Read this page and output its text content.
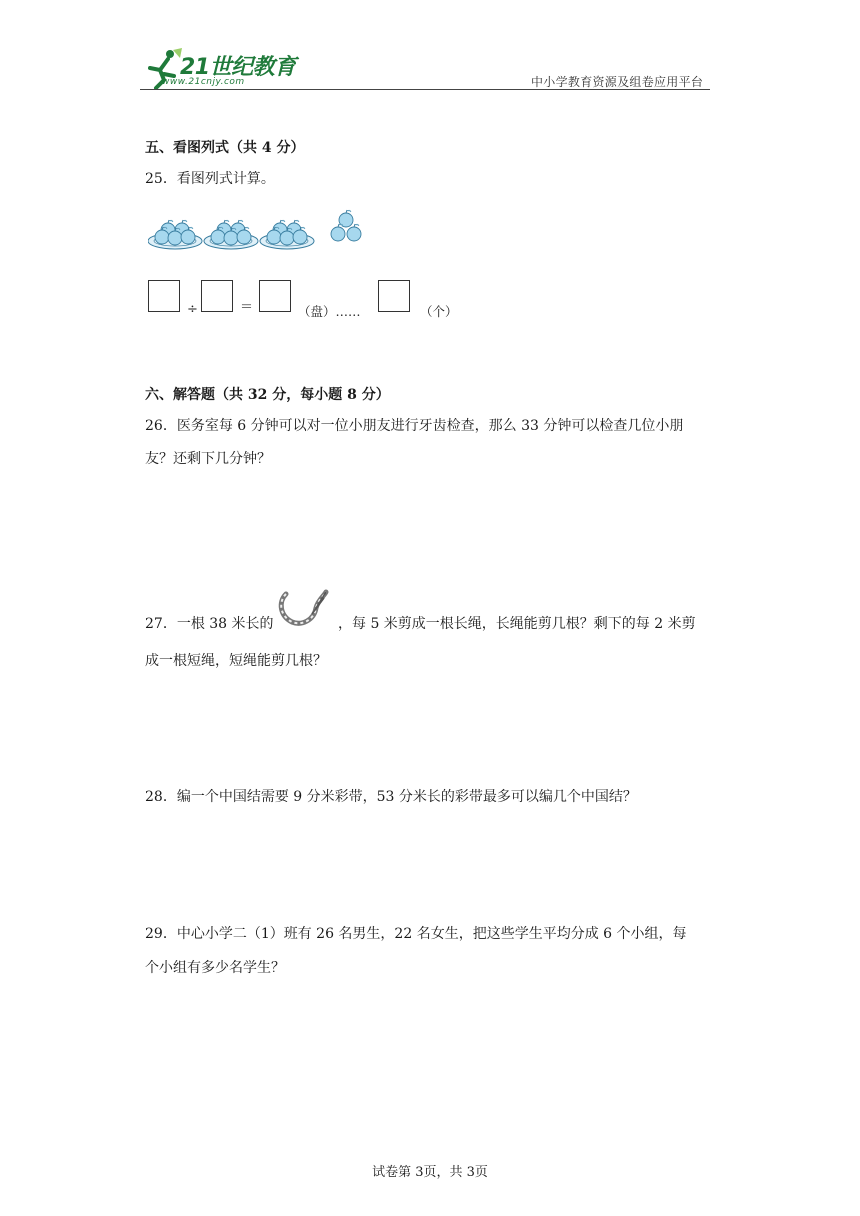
21世纪教育
www.21cnjy.com	中小学教育资源及组卷应用平台
五、看图列式（共 4 分）
25．看图列式计算。
÷	＝	（盘）……	（个）
六、解答题（共 32 分，每小题 8 分）
26．医务室每 6 分钟可以对一位小朋友进行牙齿检查，那么 33 分钟可以检查几位小朋
友？还剩下几分钟？
27．一根 38 米长的	，每 5 米剪成一根长绳，长绳能剪几根？剩下的每 2 米剪
成一根短绳，短绳能剪几根？
28．编一个中国结需要 9 分米彩带，53 分米长的彩带最多可以编几个中国结？
29．中心小学二（1）班有 26 名男生，22 名女生，把这些学生平均分成 6 个小组，每
个小组有多少名学生？
试卷第 3页，共 3页
